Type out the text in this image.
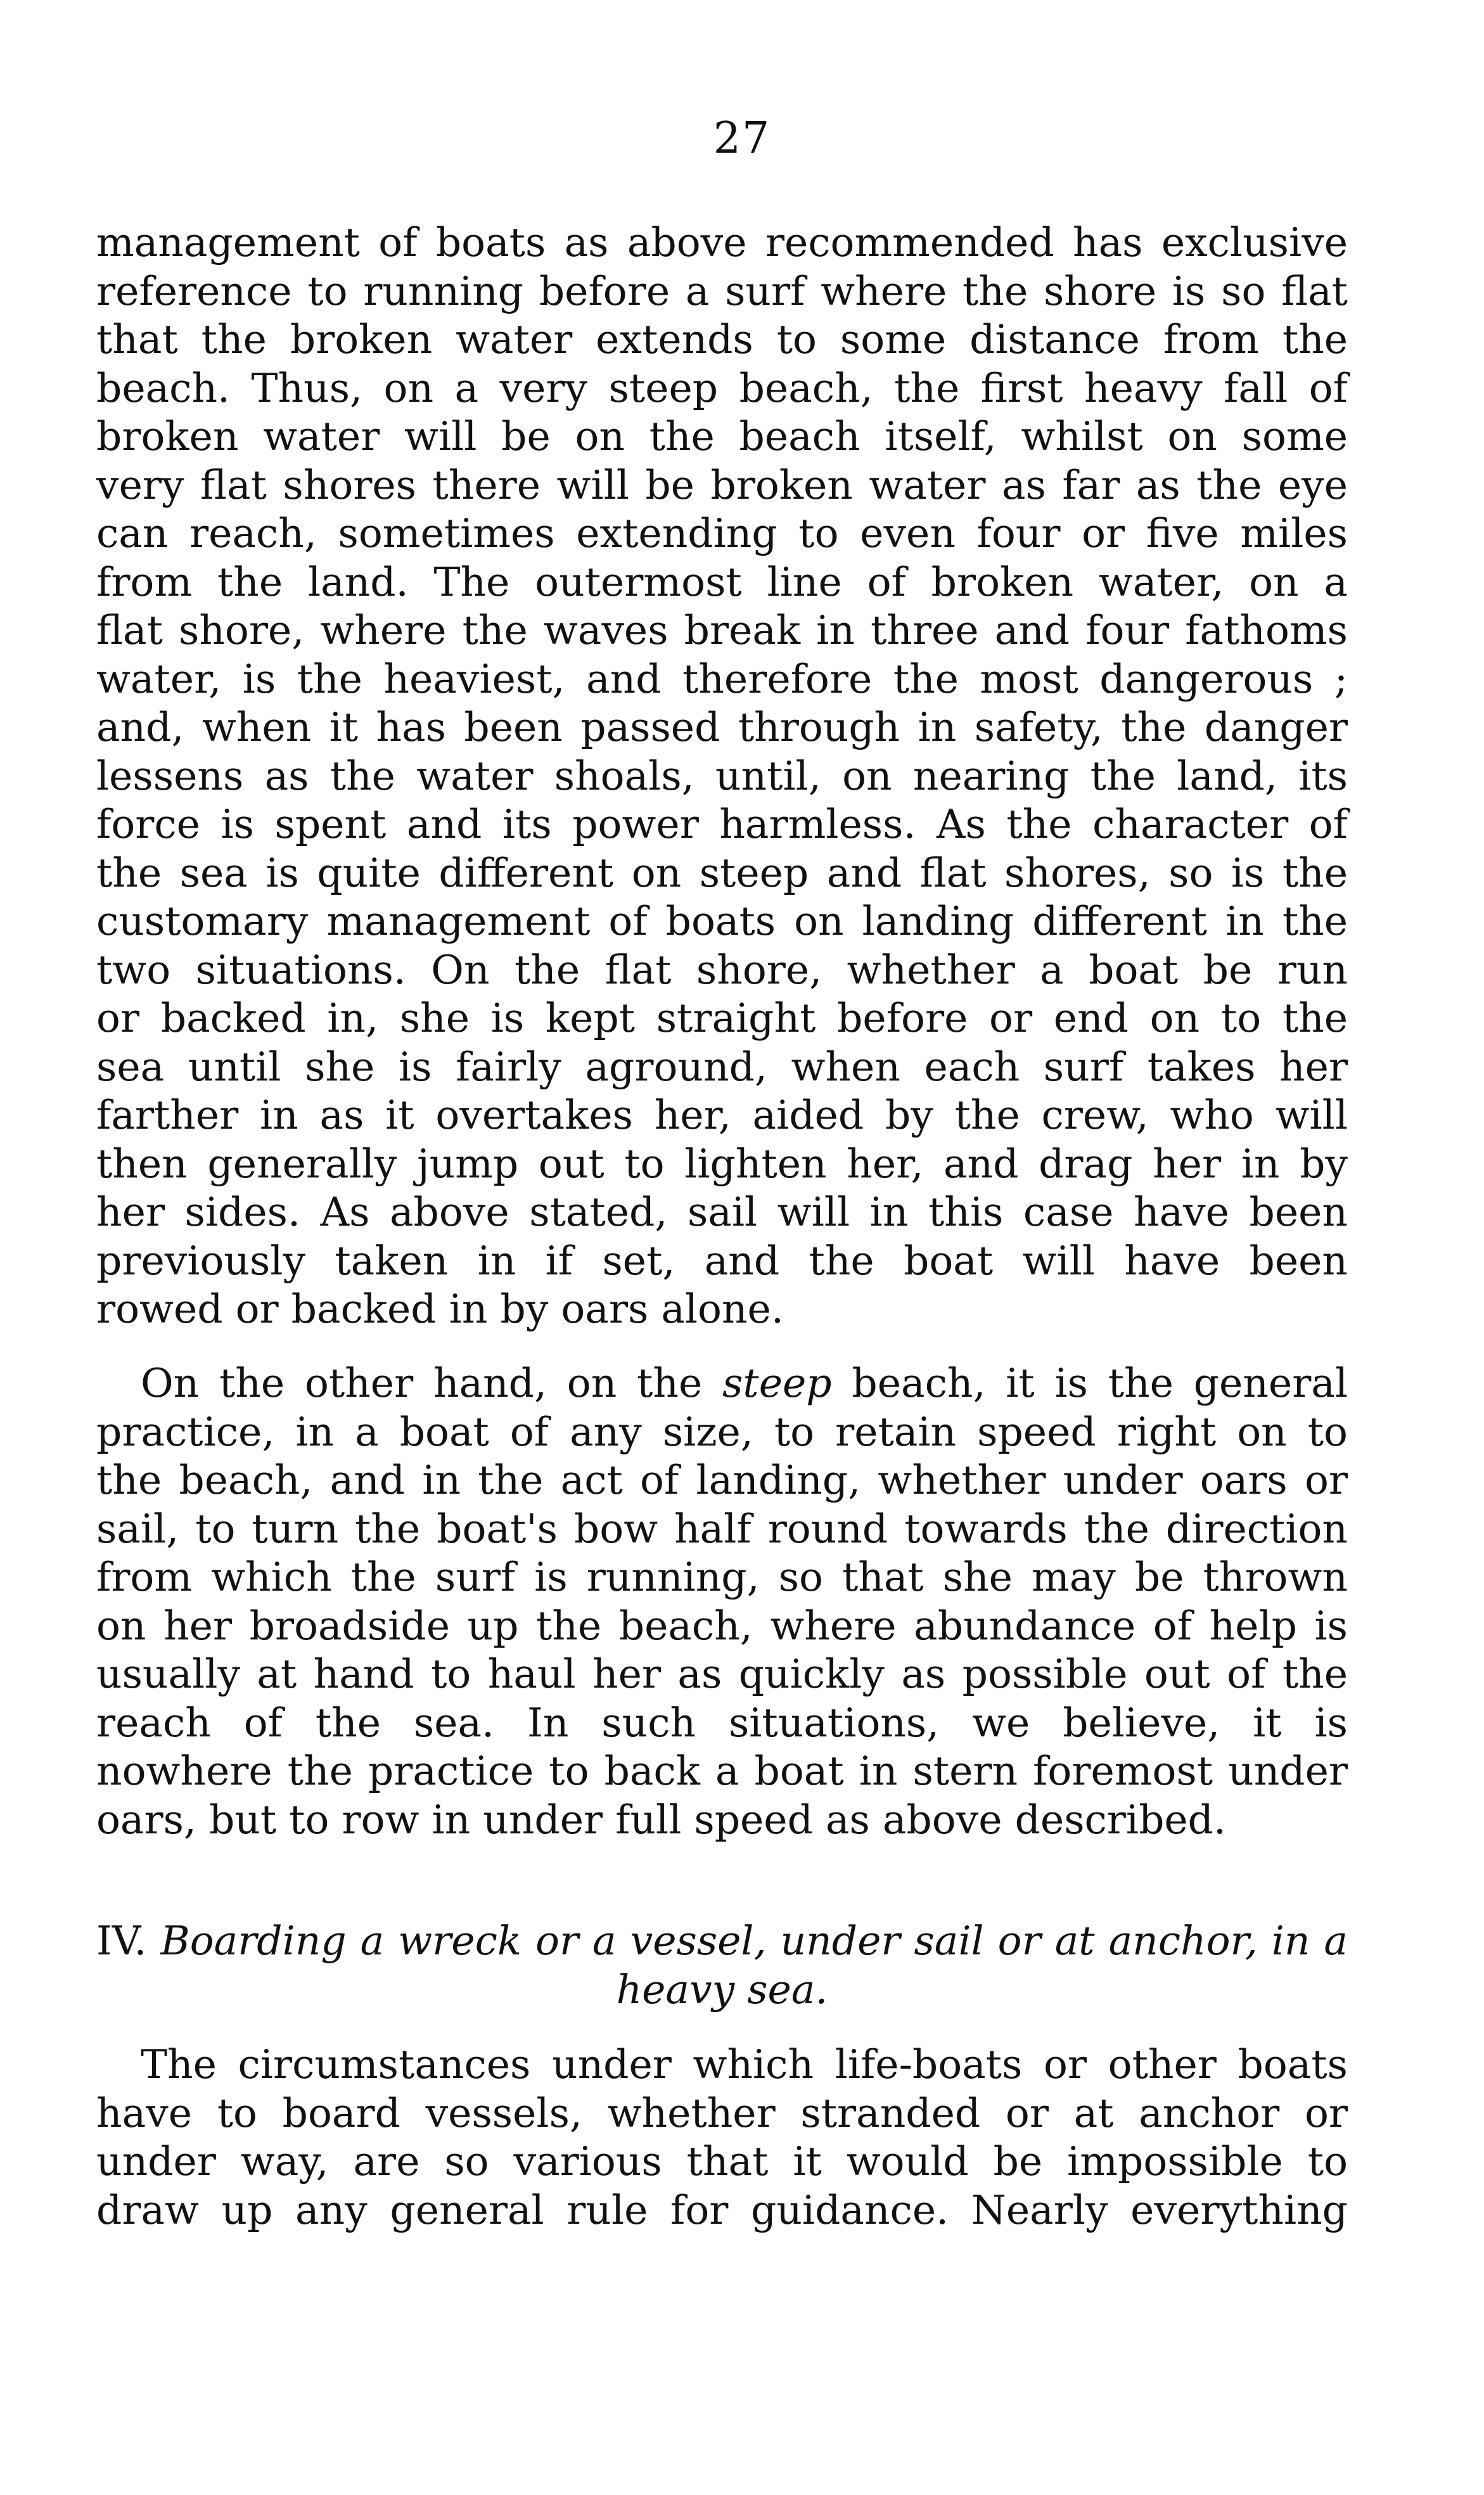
27
management of boats as above recommended has exclusive
reference to running before a surf where the shore is so flat
that the broken water extends to some distance from the
beach. Thus, on a very steep beach, the first heavy fall of
broken water will be on the beach itself, whilst on some
very flat shores there will be broken water as far as the eye
can reach, sometimes extending to even four or five miles
from the land. The outermost line of broken water, on a
flat shore, where the waves break in three and four fathoms
water, is the heaviest, and therefore the most dangerous ;
and, when it has been passed through in safety, the danger
lessens as the water shoals, until, on nearing the land, its
force is spent and its power harmless. As the character of
the sea is quite different on steep and flat shores, so is the
customary management of boats on landing different in the
two situations. On the flat shore, whether a boat be run
or backed in, she is kept straight before or end on to the
sea until she is fairly aground, when each surf takes her
farther in as it overtakes her, aided by the crew, who will
then generally jump out to lighten her, and drag her in by
her sides. As above stated, sail will in this case have been
previously taken in if set, and the boat will have been
rowed or backed in by oars alone.
On the other hand, on the steep beach, it is the general
practice, in a boat of any size, to retain speed right on to
the beach, and in the act of landing, whether under oars or
sail, to turn the boat's bow half round towards the direction
from which the surf is running, so that she may be thrown
on her broadside up the beach, where abundance of help is
usually at hand to haul her as quickly as possible out of the
reach of the sea. In such situations, we believe, it is
nowhere the practice to back a boat in stern foremost under
oars, but to row in under full speed as above described.
IV. Boarding a wreck or a vessel, under sail or at anchor, in a
heavy sea.
The circumstances under which life-boats or other boats
have to board vessels, whether stranded or at anchor or
under way, are so various that it would be impossible to
draw up any general rule for guidance. Nearly everything
